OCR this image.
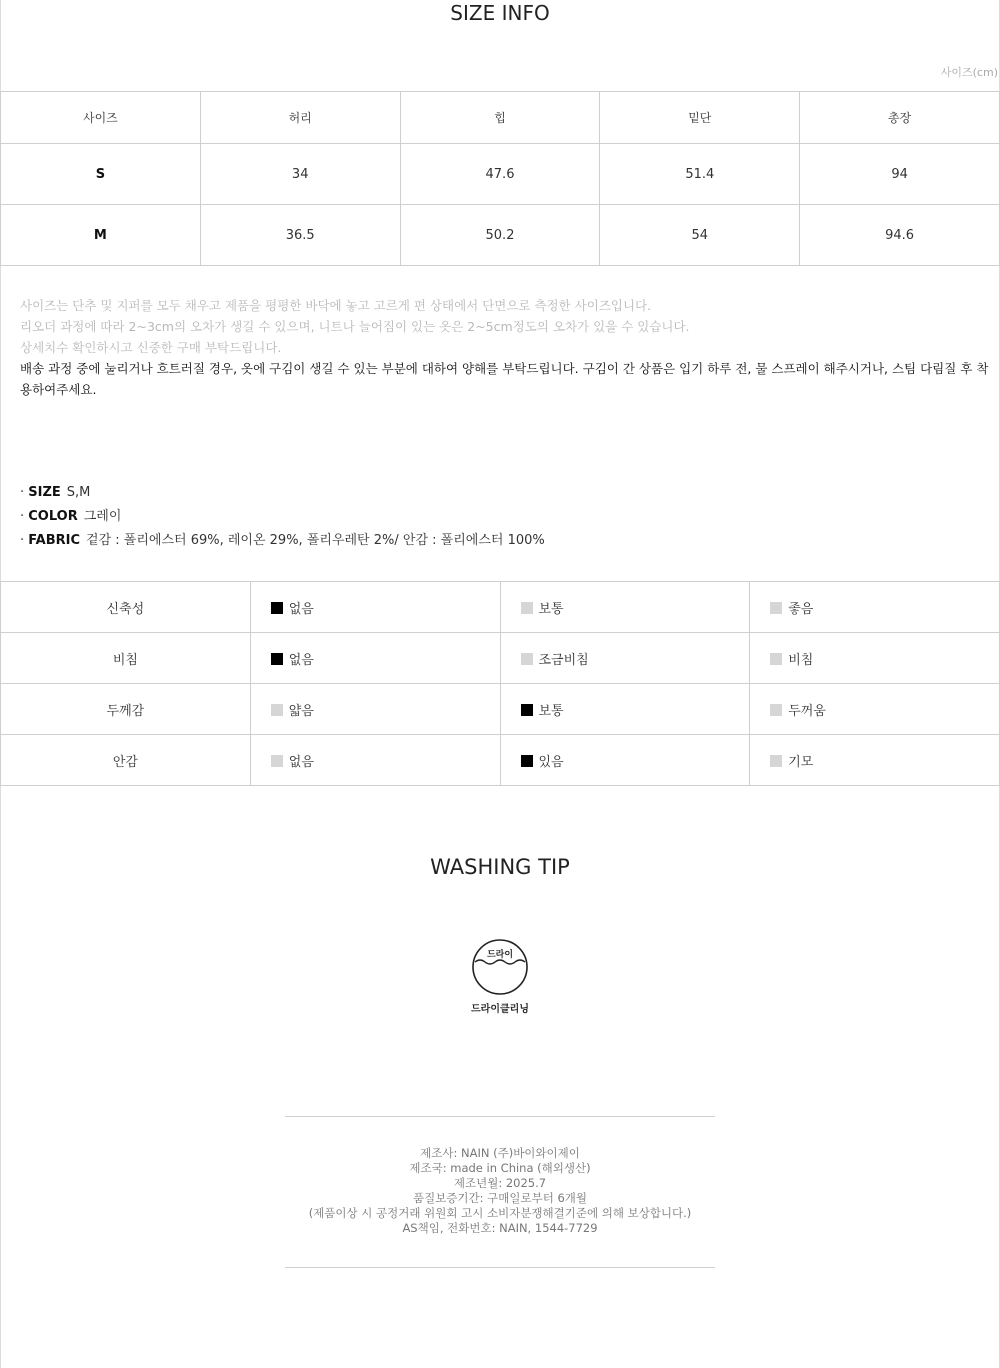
SIZE INFO
사이즈(cm)
사이즈	허리	힙	밑단	총장
S	34	47.6	51.4	94
M	36.5	50.2	54	94.6
사이즈는 단추 및 지퍼를 모두 채우고 제품을 평평한 바닥에 놓고 고르게 편 상태에서 단면으로 측정한 사이즈입니다.
리오더 과정에 따라 2~3cm의 오차가 생길 수 있으며, 니트나 늘어짐이 있는 옷은 2~5cm정도의 오차가 있을 수 있습니다.
상세치수 확인하시고 신중한 구매 부탁드립니다.
배송 과정 중에 눌리거나 흐트러질 경우, 옷에 구김이 생길 수 있는 부분에 대하여 양해를 부탁드립니다. 구김이 간 상품은 입기 하루 전, 물 스프레이 해주시거나, 스팀 다림질 후 착용하여주세요.
· SIZE S,M
· COLOR 그레이
· FABRIC 겉감 : 폴리에스터 69%, 레이온 29%, 폴리우레탄 2%/ 안감 : 폴리에스터 100%
신축성	없음	보통	좋음
비침	없음	조금비침	비침
두께감	얇음	보통	두꺼움
안감	없음	있음	기모
WASHING TIP
드라이
드라이클리닝
제조사: NAIN (주)바이와이제이
제조국: made in China (해외생산)
제조년월: 2025.7
품질보증기간: 구매일로부터 6개월
(제품이상 시 공정거래 위원회 고시 소비자분쟁해결기준에 의해 보상합니다.)
AS책임, 전화번호: NAIN, 1544-7729
